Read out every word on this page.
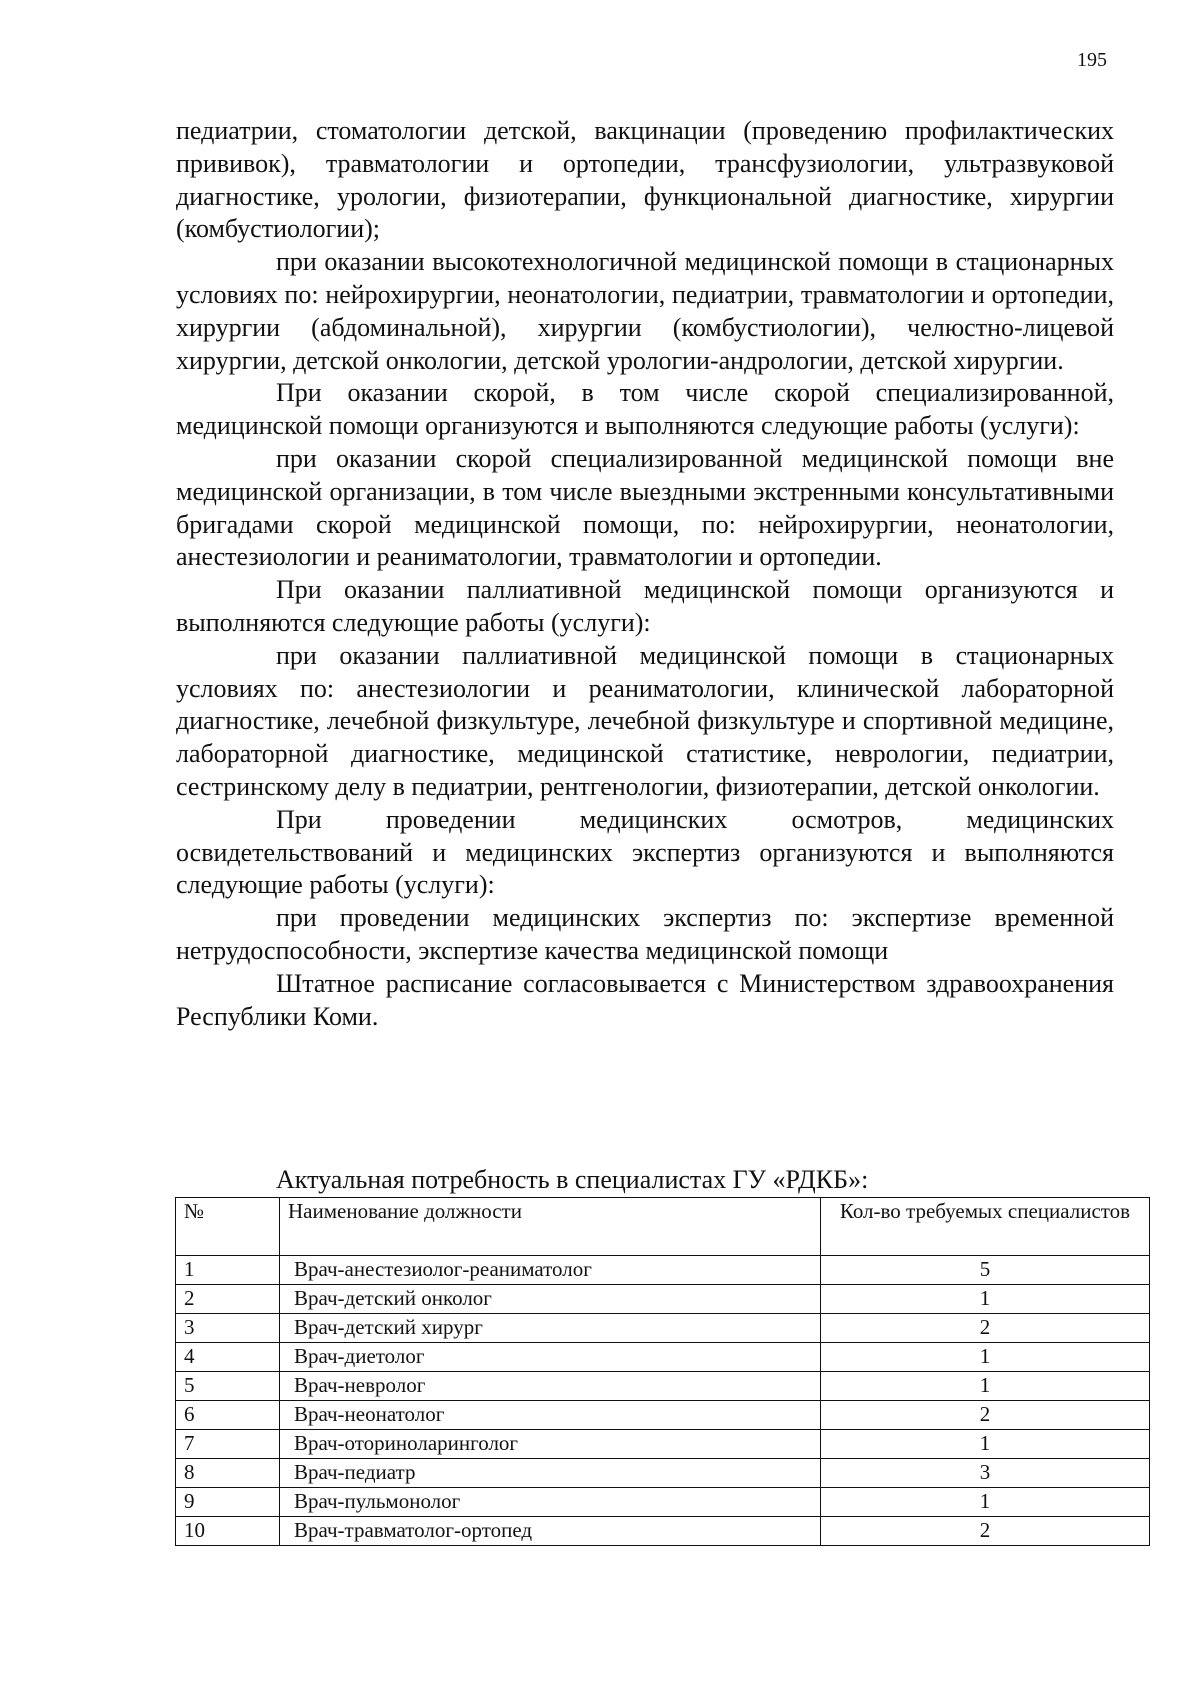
195

педиатрии, стоматологии детской, вакцинации (проведению профилактических прививок), травматологии и ортопедии, трансфузиологии, ультразвуковой диагностике, урологии, физиотерапии, функциональной диагностике, хирургии (комбустиологии);

при оказании высокотехнологичной медицинской помощи в стационарных условиях по: нейрохирургии, неонатологии, педиатрии, травматологии и ортопедии, хирургии (абдоминальной), хирургии (комбустиологии), челюстно-лицевой хирургии, детской онкологии, детской урологии-андрологии, детской хирургии.

При оказании скорой, в том числе скорой специализированной, медицинской помощи организуются и выполняются следующие работы (услуги):

при оказании скорой специализированной медицинской помощи вне медицинской организации, в том числе выездными экстренными консультативными бригадами скорой медицинской помощи, по: нейрохирургии, неонатологии, анестезиологии и реаниматологии, травматологии и ортопедии.

При оказании паллиативной медицинской помощи организуются и выполняются следующие работы (услуги):

при оказании паллиативной медицинской помощи в стационарных условиях по: анестезиологии и реаниматологии, клинической лабораторной диагностике, лечебной физкультуре, лечебной физкультуре и спортивной медицине, лабораторной диагностике, медицинской статистике, неврологии, педиатрии, сестринскому делу в педиатрии, рентгенологии, физиотерапии, детской онкологии.

При проведении медицинских осмотров, медицинских освидетельствований и медицинских экспертиз организуются и выполняются следующие работы (услуги):

при проведении медицинских экспертиз по: экспертизе временной нетрудоспособности, экспертизе качества медицинской помощи

Штатное расписание согласовывается с Министерством здравоохранения Республики Коми.

Актуальная потребность в специалистах ГУ «РДКБ»:
№	Наименование должности	Кол-во требуемых специалистов
1	Врач-анестезиолог-реаниматолог	5
2	Врач-детский онколог	1
3	Врач-детский хирург	2
4	Врач-диетолог	1
5	Врач-невролог	1
6	Врач-неонатолог	2
7	Врач-оториноларинголог	1
8	Врач-педиатр	3
9	Врач-пульмонолог	1
10	Врач-травматолог-ортопед	2
